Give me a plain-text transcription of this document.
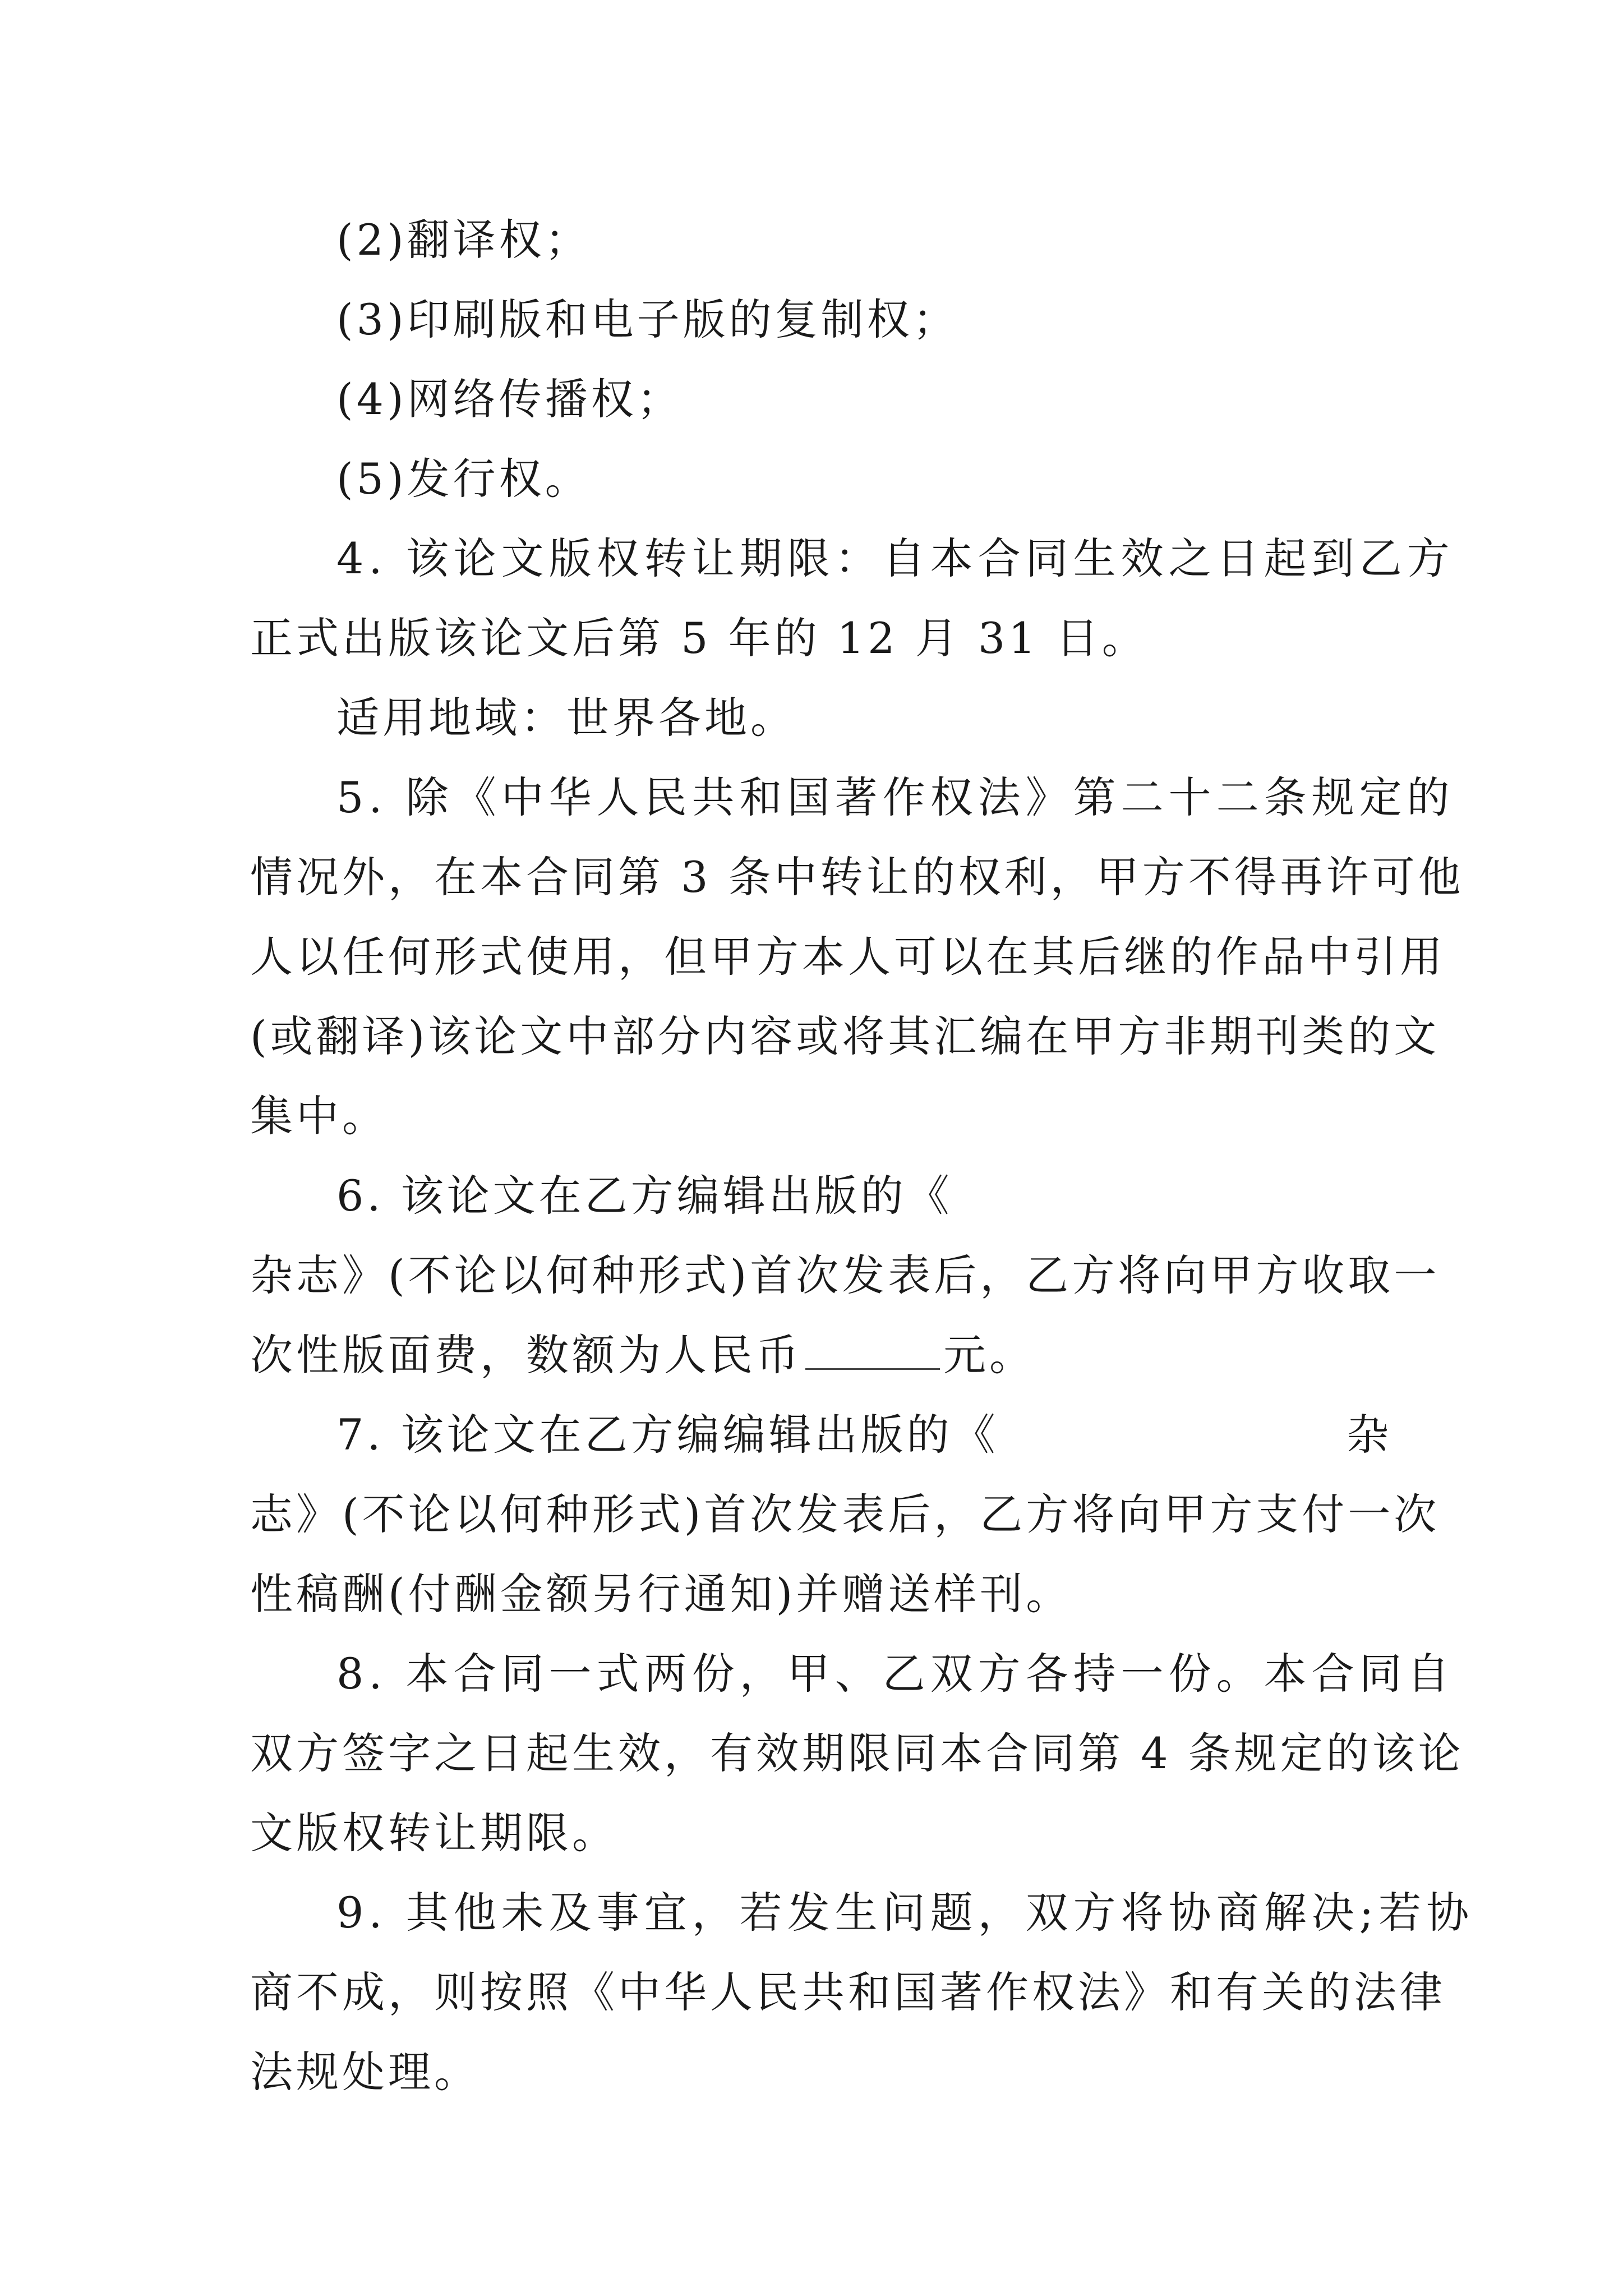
(2)翻译权；

(3)印刷版和电子版的复制权；

(4)网络传播权；

(5)发行权。

4. 该论文版权转让期限：自本合同生效之日起到乙方

正式出版该论文后第 5 年的 12 月 31 日。

适用地域：世界各地。

5. 除《中华人民共和国著作权法》第二十二条规定的

情况外，在本合同第 3 条中转让的权利，甲方不得再许可他

人以任何形式使用，但甲方本人可以在其后继的作品中引用

(或翻译)该论文中部分内容或将其汇编在甲方非期刊类的文

集中。

6. 该论文在乙方编辑出版的《

杂志》(不论以何种形式)首次发表后，乙方将向甲方收取一

次性版面费，数额为人民币	元。

7. 该论文在乙方编编辑出版的《	杂

志》(不论以何种形式)首次发表后，乙方将向甲方支付一次

性稿酬(付酬金额另行通知)并赠送样刊。

8. 本合同一式两份，甲、乙双方各持一份。本合同自

双方签字之日起生效，有效期限同本合同第 4 条规定的该论

文版权转让期限。

9. 其他未及事宜，若发生问题，双方将协商解决;若协

商不成，则按照《中华人民共和国著作权法》和有关的法律

法规处理。
